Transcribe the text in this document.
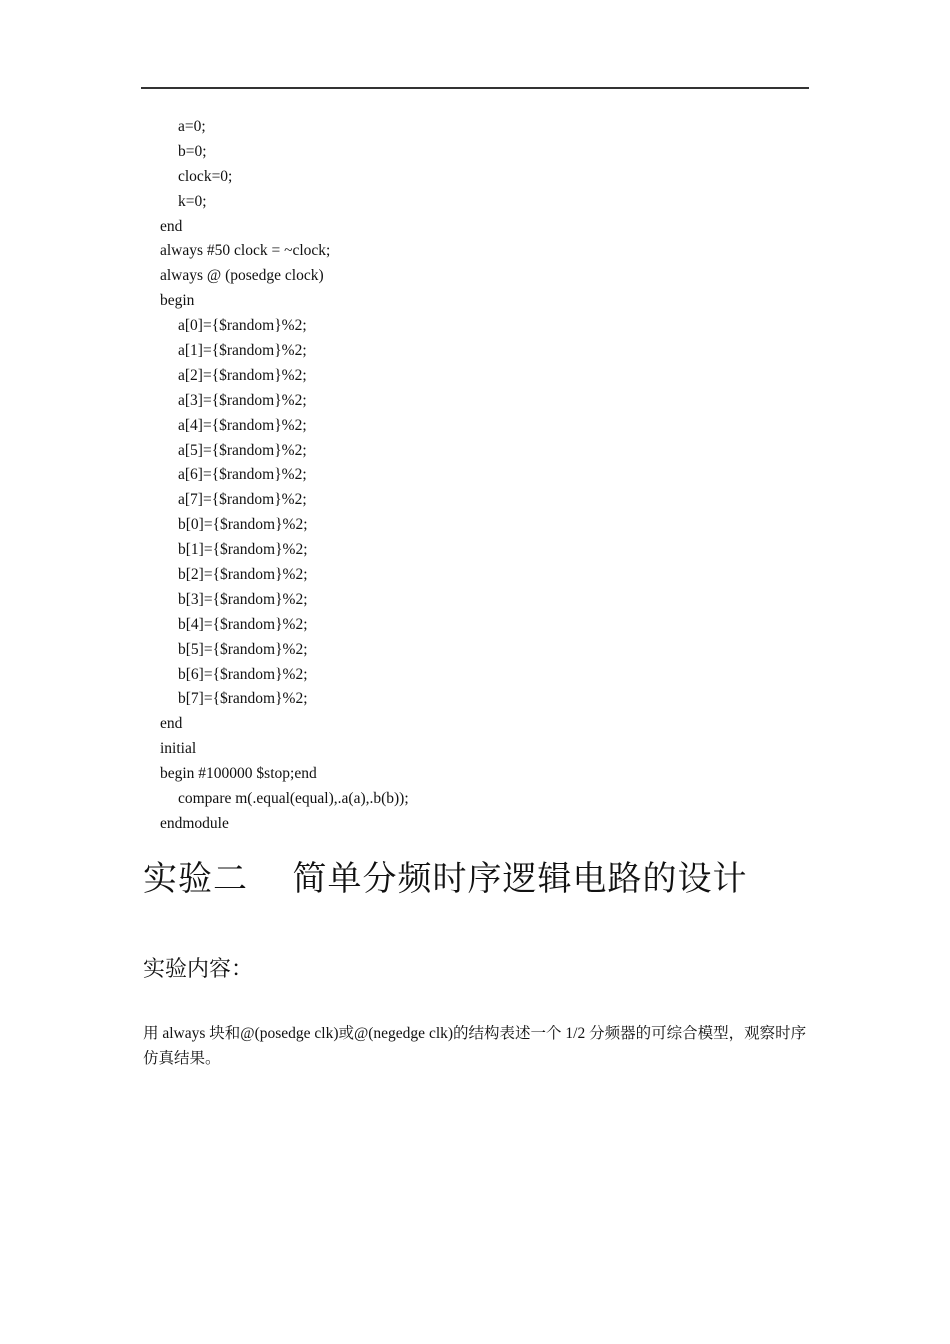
a=0;
b=0;
clock=0;
k=0;
end
always #50 clock = ~clock;
always @ (posedge clock)
begin
a[0]={$random}%2;
a[1]={$random}%2;
a[2]={$random}%2;
a[3]={$random}%2;
a[4]={$random}%2;
a[5]={$random}%2;
a[6]={$random}%2;
a[7]={$random}%2;
b[0]={$random}%2;
b[1]={$random}%2;
b[2]={$random}%2;
b[3]={$random}%2;
b[4]={$random}%2;
b[5]={$random}%2;
b[6]={$random}%2;
b[7]={$random}%2;
end
initial
begin #100000 $stop;end
compare m(.equal(equal),.a(a),.b(b));
endmodule
实验二　 简单分频时序逻辑电路的设计
实验内容：
用 always 块和@(posedge clk)或@(negedge clk)的结构表述一个 1/2 分频器的可综合模型，观察时序仿真结果。
